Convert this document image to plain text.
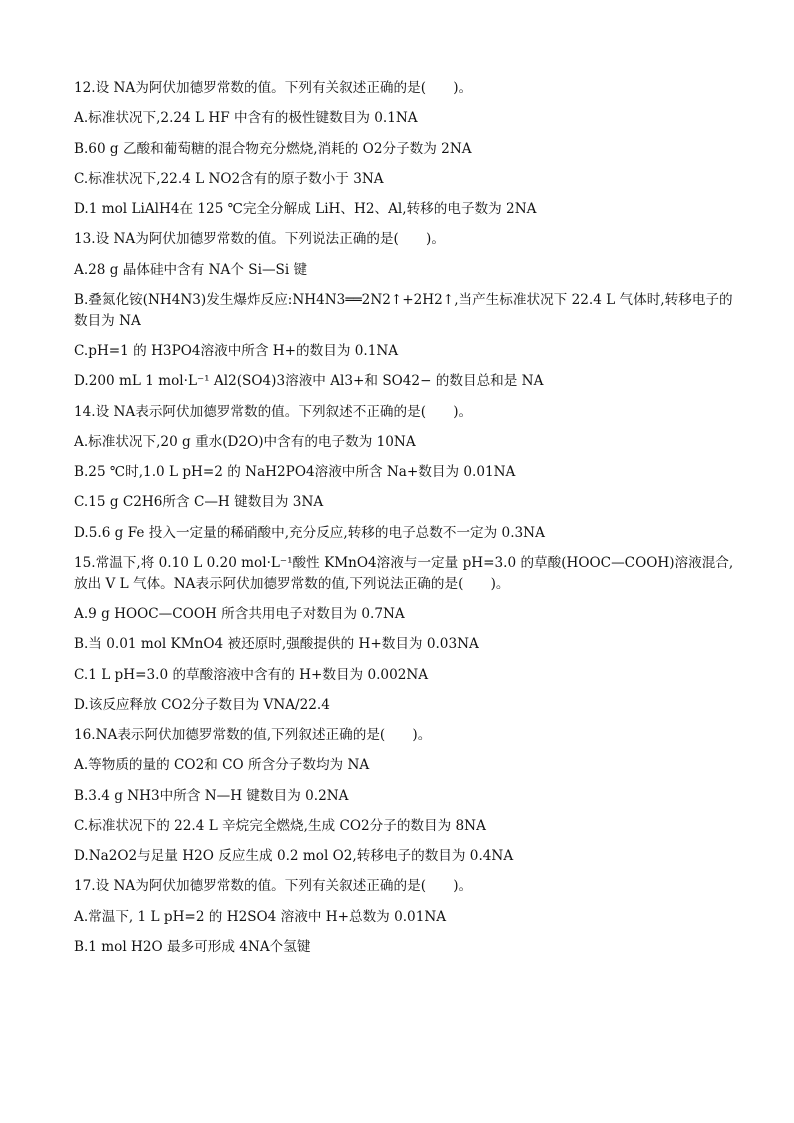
12.设 NA为阿伏加德罗常数的值。下列有关叙述正确的是(　　)。
A.标准状况下,2.24 L HF 中含有的极性键数目为 0.1NA
B.60 g 乙酸和葡萄糖的混合物充分燃烧,消耗的 O2分子数为 2NA
C.标准状况下,22.4 L NO2含有的原子数小于 3NA
D.1 mol LiAlH4在 125 ℃完全分解成 LiH、H2、Al,转移的电子数为 2NA
13.设 NA为阿伏加德罗常数的值。下列说法正确的是(　　)。
A.28 g 晶体硅中含有 NA个 Si—Si 键
B.叠氮化铵(NH4N3)发生爆炸反应:NH4N3══2N2↑+2H2↑,当产生标准状况下 22.4 L 气体时,转移电子的数目为 NA
C.pH=1 的 H3PO4溶液中所含 H+的数目为 0.1NA
D.200 mL 1 mol·L⁻¹ Al2(SO4)3溶液中 Al3+和 SO42− 的数目总和是 NA
14.设 NA表示阿伏加德罗常数的值。下列叙述不正确的是(　　)。
A.标准状况下,20 g 重水(D2O)中含有的电子数为 10NA
B.25 ℃时,1.0 L pH=2 的 NaH2PO4溶液中所含 Na+数目为 0.01NA
C.15 g C2H6所含 C—H 键数目为 3NA
D.5.6 g Fe 投入一定量的稀硝酸中,充分反应,转移的电子总数不一定为 0.3NA
15.常温下,将 0.10 L 0.20 mol·L⁻¹酸性 KMnO4溶液与一定量 pH=3.0 的草酸(HOOC—COOH)溶液混合,放出 V L 气体。NA表示阿伏加德罗常数的值,下列说法正确的是(　　)。
A.9 g HOOC—COOH 所含共用电子对数目为 0.7NA
B.当 0.01 mol KMnO4 被还原时,强酸提供的 H+数目为 0.03NA
C.1 L pH=3.0 的草酸溶液中含有的 H+数目为 0.002NA
D.该反应释放 CO2分子数目为 VNA/22.4
16.NA表示阿伏加德罗常数的值,下列叙述正确的是(　　)。
A.等物质的量的 CO2和 CO 所含分子数均为 NA
B.3.4 g NH3中所含 N—H 键数目为 0.2NA
C.标准状况下的 22.4 L 辛烷完全燃烧,生成 CO2分子的数目为 8NA
D.Na2O2与足量 H2O 反应生成 0.2 mol O2,转移电子的数目为 0.4NA
17.设 NA为阿伏加德罗常数的值。下列有关叙述正确的是(　　)。
A.常温下, 1 L pH=2 的 H2SO4 溶液中 H+总数为 0.01NA
B.1 mol H2O 最多可形成 4NA个氢键
